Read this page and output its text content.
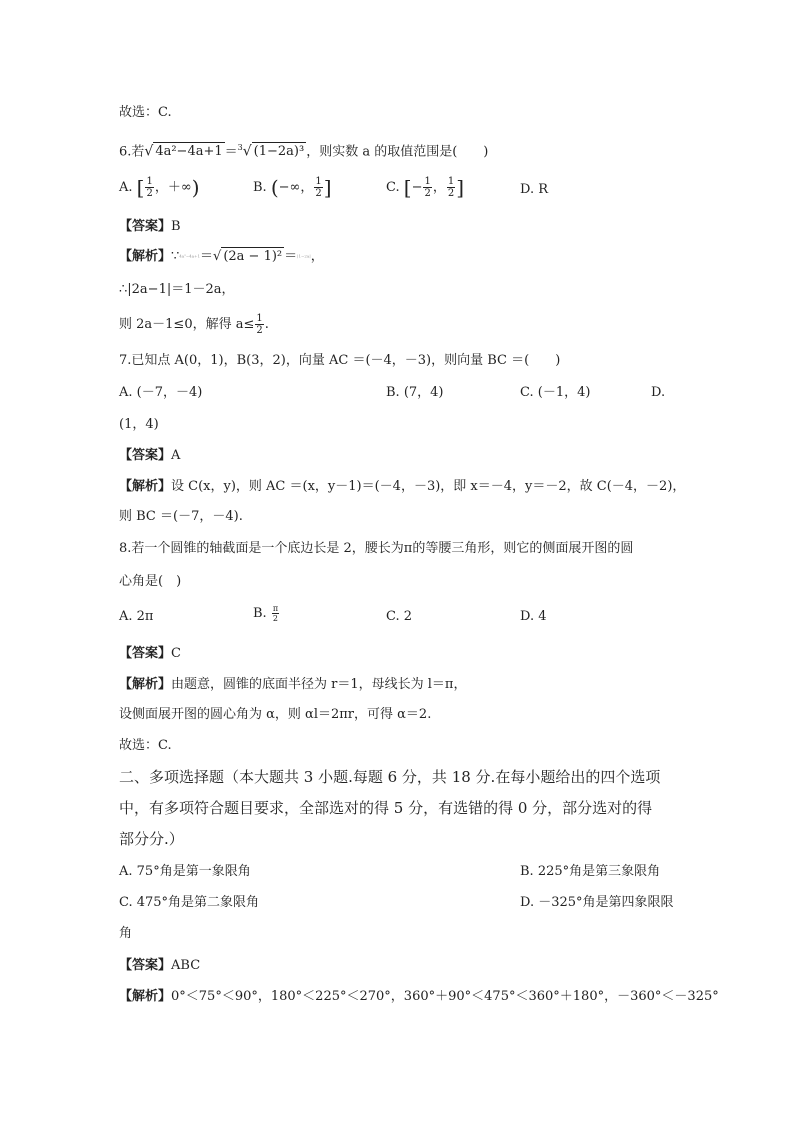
故选：C.
6.若√ 4a²−4a+1 ＝$^3$√ (1−2a)³ ，则实数 a 的取值范围是(　　)
A. [ $\frac{1}{2}$ ，＋∞)	B. (−∞， $\frac{1}{2}$ ]	C. [− $\frac{1}{2}$ ， $\frac{1}{2}$ ]	D. R
【答案】B
【解析】∵4a²−4a+1＝√ (2a − 1)² ＝|1−2a|，
∴|2a−1|＝1－2a，
则 2a－1≤0，解得 $a\le \frac{1}{2}$ .
7.已知点 A(0，1)，B(3，2)，向量 AC ＝(－4，－3)，则向量 BC ＝(　　)
A. (－7，－4)	B. (7，4)	C. (－1，4)	D.
(1，4)
【答案】A
【解析】设 C(x，y)，则 AC ＝(x，y－1)＝(－4，－3)，即 x＝－4，y＝－2，故 C(－4，－2)，
则 BC ＝(－7，－4).
8.若一个圆锥的轴截面是一个底边长是 2，腰长为π的等腰三角形，则它的侧面展开图的圆
心角是(　)
A. 2π	B. $\frac{\pi}{2}$	C. 2	D. 4
【答案】C
【解析】由题意，圆锥的底面半径为 r＝1，母线长为 l＝π，
设侧面展开图的圆心角为 α，则 αl＝2πr，可得 α＝2.
故选：C.
二、多项选择题（本大题共 3 小题.每题 6 分，共 18 分.在每小题给出的四个选项
中，有多项符合题目要求，全部选对的得 5 分，有选错的得 0 分，部分选对的得
部分分.）
A. 75°角是第一象限角	B. 225°角是第三象限角
C. 475°角是第二象限角	D. －325°角是第四象限限
角
【答案】ABC
【解析】0°＜75°＜90°，180°＜225°＜270°，360°＋90°＜475°＜360°＋180°，－360°＜－325°
